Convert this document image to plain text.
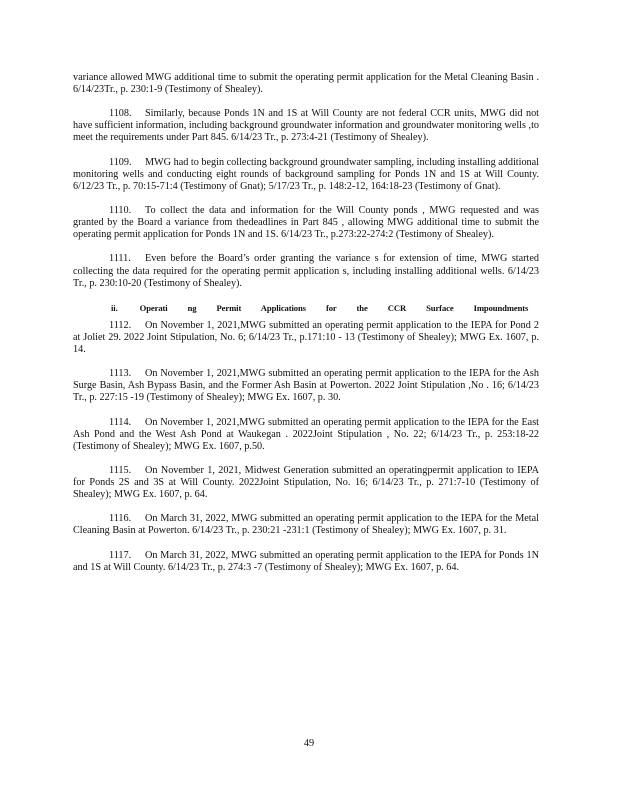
variance allowed MWG additional time to submit the operating permit application for the Metal Cleaning Basin . 6/14/23Tr., p. 230:1-9 (Testimony of Shealey).

1108. Similarly, because Ponds 1N and 1S at Will County are not federal CCR units, MWG did not have sufficient information, including background groundwater information and groundwater monitoring wells ,to meet the requirements under Part 845. 6/14/23 Tr., p. 273:4-21 (Testimony of Shealey).

1109. MWG had to begin collecting background groundwater sampling, including installing additional monitoring wells and conducting eight rounds of background sampling for Ponds 1N and 1S at Will County. 6/12/23 Tr., p. 70:15-71:4 (Testimony of Gnat); 5/17/23 Tr., p. 148:2-12, 164:18-23 (Testimony of Gnat).

1110. To collect the data and information for the Will County ponds , MWG requested and was granted by the Board a variance from thedeadlines in Part 845 , allowing MWG additional time to submit the operating permit application for Ponds 1N and 1S. 6/14/23 Tr., p.273:22-274:2 (Testimony of Shealey).

1111. Even before the Board’s order granting the variance s for extension of time, MWG started collecting the data required for the operating permit application s, including installing additional wells. 6/14/23 Tr., p. 230:10-20 (Testimony of Shealey).

ii.	Operati ng Permit Applications for the CCR Surface Impoundments

1112. On November 1, 2021,MWG submitted an operating permit application to the IEPA for Pond 2 at Joliet 29. 2022 Joint Stipulation, No. 6; 6/14/23 Tr., p.171:10 - 13 (Testimony of Shealey); MWG Ex. 1607, p. 14.

1113. On November 1, 2021,MWG submitted an operating permit application to the IEPA for the Ash Surge Basin, Ash Bypass Basin, and the Former Ash Basin at Powerton. 2022 Joint Stipulation ,No . 16; 6/14/23 Tr., p. 227:15 -19 (Testimony of Shealey); MWG Ex. 1607, p. 30.

1114. On November 1, 2021,MWG submitted an operating permit application to the IEPA for the East Ash Pond and the West Ash Pond at Waukegan . 2022Joint Stipulation , No. 22; 6/14/23 Tr., p. 253:18-22 (Testimony of Shealey); MWG Ex. 1607, p.50.

1115. On November 1, 2021, Midwest Generation submitted an operatingpermit application to IEPA for Ponds 2S and 3S at Will County. 2022Joint Stipulation, No. 16; 6/14/23 Tr., p. 271:7-10 (Testimony of Shealey); MWG Ex. 1607, p. 64.

1116. On March 31, 2022, MWG submitted an operating permit application to the IEPA for the Metal Cleaning Basin at Powerton. 6/14/23 Tr., p. 230:21 -231:1 (Testimony of Shealey); MWG Ex. 1607, p. 31.

1117. On March 31, 2022, MWG submitted an operating permit application to the IEPA for Ponds 1N and 1S at Will County. 6/14/23 Tr., p. 274:3 -7 (Testimony of Shealey); MWG Ex. 1607, p. 64.

49
